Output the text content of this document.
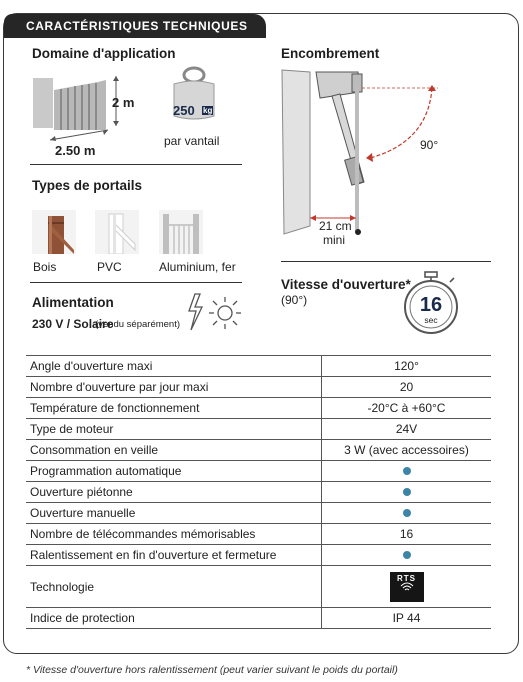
CARACTÉRISTIQUES TECHNIQUES
Domaine d'application
2 m
2.50 m
250 kg
par vantail
Types de portails
Bois	PVC	Aluminium, fer
Alimentation
230 V / Solaire
(vendu séparément)
Encombrement
90°
21 cm
mini
Vitesse d'ouverture*
(90°)	16
sec
Angle d'ouverture maxi	120°
Nombre d'ouverture par jour maxi	20
Température de fonctionnement	-20°C à +60°C
Type de moteur	24V
Consommation en veille	3 W (avec accessoires)
Programmation automatique	
Ouverture piétonne	
Ouverture manuelle	
Nombre de télécommandes mémorisables	16
Ralentissement en fin d'ouverture et fermeture	
Technologie	RTS

Indice de protection	IP 44
* Vitesse d'ouverture hors ralentissement (peut varier suivant le poids du portail)
